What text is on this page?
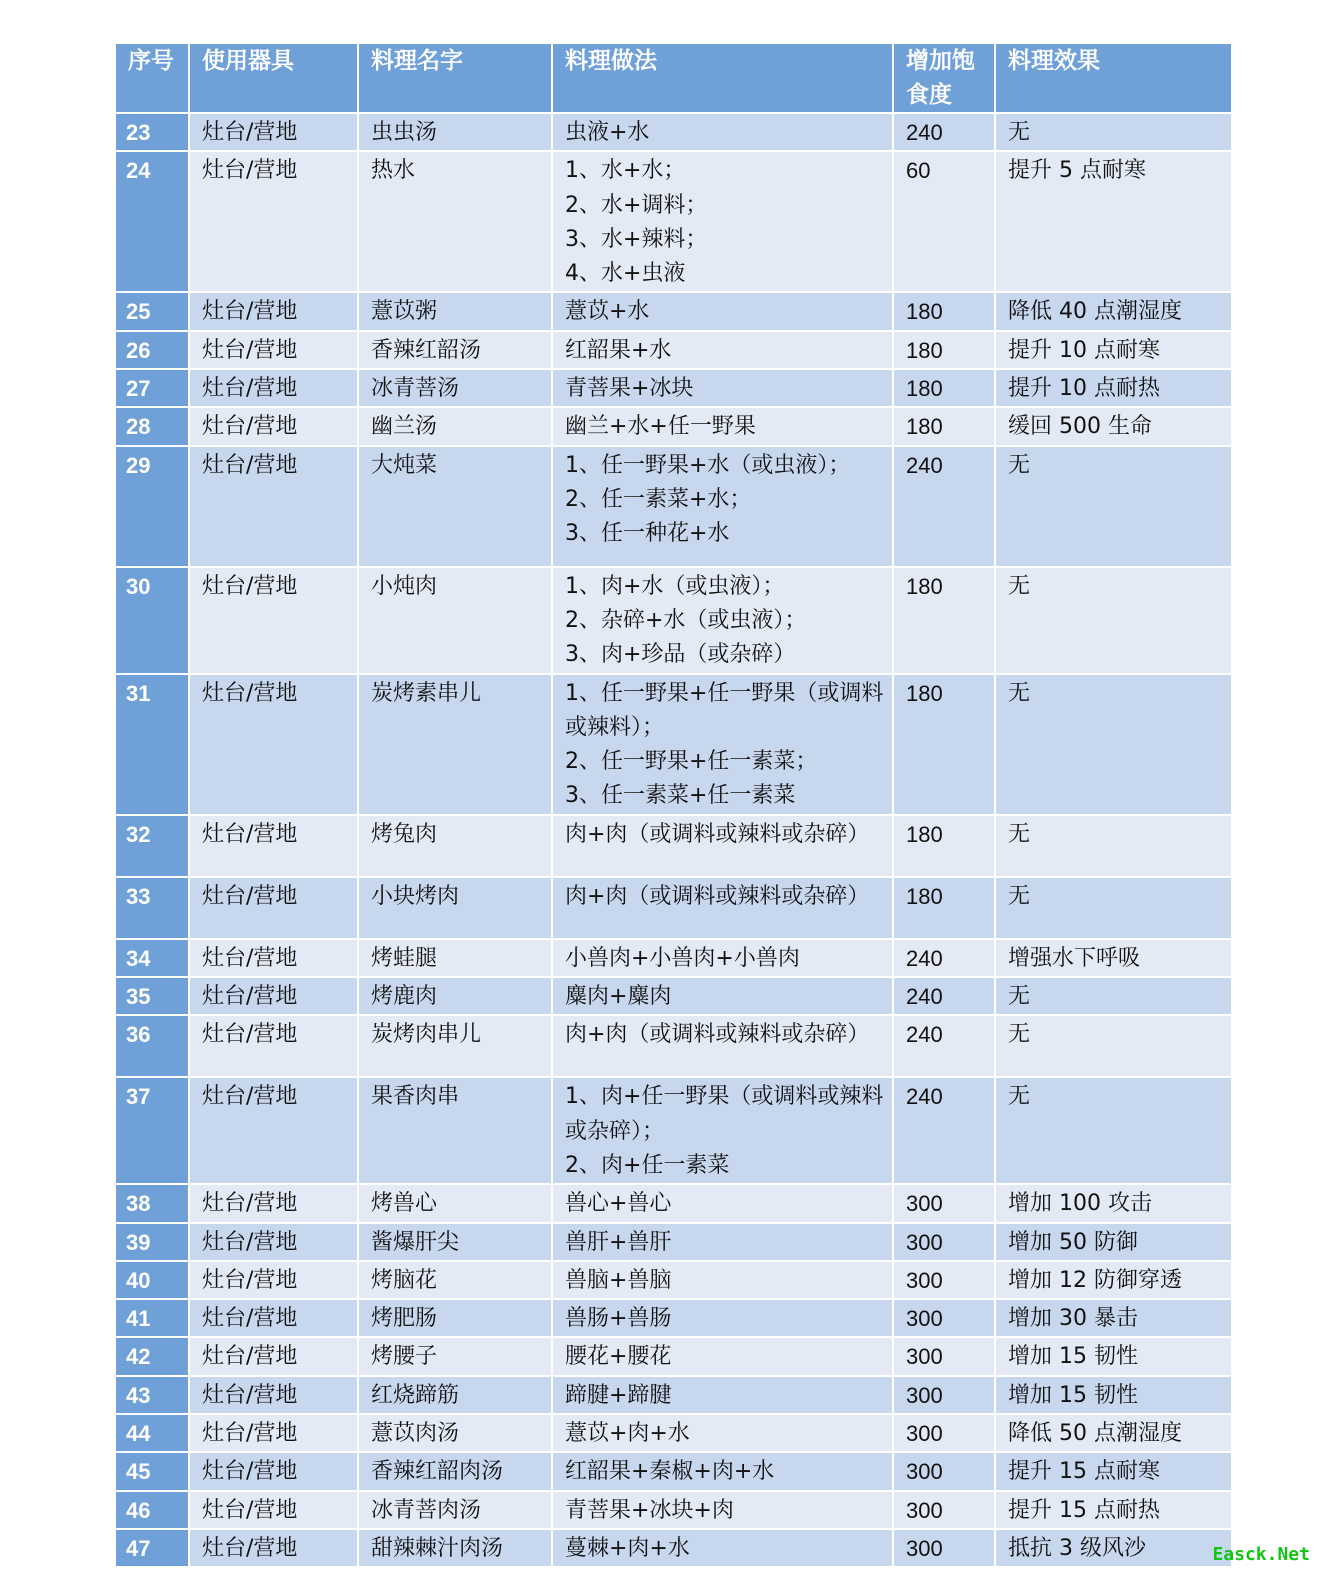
序号	使用器具	料理名字	料理做法	增加饱食度	料理效果
23	灶台/营地	虫虫汤	虫液+水	240	无
24	灶台/营地	热水	1、水+水；
2、水+调料；
3、水+辣料；
4、水+虫液	60	提升 5 点耐寒
25	灶台/营地	薏苡粥	薏苡+水	180	降低 40 点潮湿度
26	灶台/营地	香辣红韶汤	红韶果+水	180	提升 10 点耐寒
27	灶台/营地	冰青菩汤	青菩果+冰块	180	提升 10 点耐热
28	灶台/营地	幽兰汤	幽兰+水+任一野果	180	缓回 500 生命
29	灶台/营地	大炖菜	1、任一野果+水（或虫液）；
2、任一素菜+水；
3、任一种花+水	240	无
30	灶台/营地	小炖肉	1、肉+水（或虫液）；
2、杂碎+水（或虫液）；
3、肉+珍品（或杂碎）	180	无
31	灶台/营地	炭烤素串儿	1、任一野果+任一野果（或调料或辣料）；
2、任一野果+任一素菜；
3、任一素菜+任一素菜	180	无
32	灶台/营地	烤兔肉	肉+肉（或调料或辣料或杂碎）	180	无
33	灶台/营地	小块烤肉	肉+肉（或调料或辣料或杂碎）	180	无
34	灶台/营地	烤蛙腿	小兽肉+小兽肉+小兽肉	240	增强水下呼吸
35	灶台/营地	烤鹿肉	麋肉+麋肉	240	无
36	灶台/营地	炭烤肉串儿	肉+肉（或调料或辣料或杂碎）	240	无
37	灶台/营地	果香肉串	1、肉+任一野果（或调料或辣料或杂碎）；
2、肉+任一素菜	240	无
38	灶台/营地	烤兽心	兽心+兽心	300	增加 100 攻击
39	灶台/营地	酱爆肝尖	兽肝+兽肝	300	增加 50 防御
40	灶台/营地	烤脑花	兽脑+兽脑	300	增加 12 防御穿透
41	灶台/营地	烤肥肠	兽肠+兽肠	300	增加 30 暴击
42	灶台/营地	烤腰子	腰花+腰花	300	增加 15 韧性
43	灶台/营地	红烧蹄筋	蹄腱+蹄腱	300	增加 15 韧性
44	灶台/营地	薏苡肉汤	薏苡+肉+水	300	降低 50 点潮湿度
45	灶台/营地	香辣红韶肉汤	红韶果+秦椒+肉+水	300	提升 15 点耐寒
46	灶台/营地	冰青菩肉汤	青菩果+冰块+肉	300	提升 15 点耐热
47	灶台/营地	甜辣棘汁肉汤	蔓棘+肉+水	300	抵抗 3 级风沙	Easck.Net
